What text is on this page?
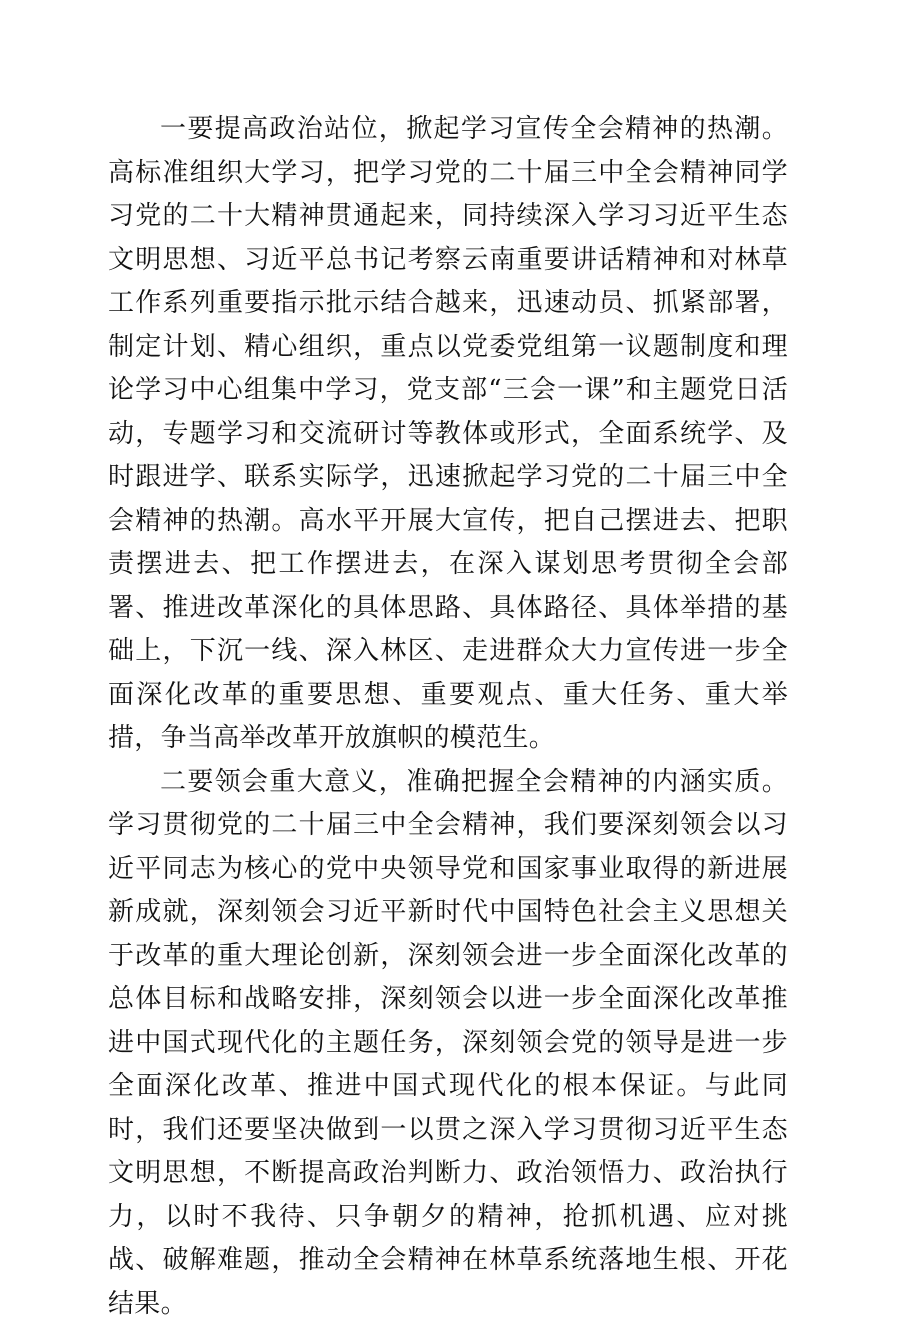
一要提高政治站位，掀起学习宣传全会精神的热潮。高标准组织大学习，把学习党的二十届三中全会精神同学习党的二十大精神贯通起来，同持续深入学习习近平生态文明思想、习近平总书记考察云南重要讲话精神和对林草工作系列重要指示批示结合越来，迅速动员、抓紧部署，制定计划、精心组织，重点以党委党组第一议题制度和理论学习中心组集中学习，党支部“三会一课”和主题党日活动，专题学习和交流研讨等教体或形式，全面系统学、及时跟进学、联系实际学，迅速掀起学习党的二十届三中全会精神的热潮。高水平开展大宣传，把自己摆进去、把职责摆进去、把工作摆进去，在深入谋划思考贯彻全会部署、推进改革深化的具体思路、具体路径、具体举措的基础上，下沉一线、深入林区、走进群众大力宣传进一步全面深化改革的重要思想、重要观点、重大任务、重大举措，争当高举改革开放旗帜的模范生。

二要领会重大意义，准确把握全会精神的内涵实质。学习贯彻党的二十届三中全会精神，我们要深刻领会以习近平同志为核心的党中央领导党和国家事业取得的新进展新成就，深刻领会习近平新时代中国特色社会主义思想关于改革的重大理论创新，深刻领会进一步全面深化改革的总体目标和战略安排，深刻领会以进一步全面深化改革推进中国式现代化的主题任务，深刻领会党的领导是进一步全面深化改革、推进中国式现代化的根本保证。与此同时，我们还要坚决做到一以贯之深入学习贯彻习近平生态文明思想，不断提高政治判断力、政治领悟力、政治执行力，以时不我待、只争朝夕的精神，抢抓机遇、应对挑战、破解难题，推动全会精神在林草系统落地生根、开花结果。
